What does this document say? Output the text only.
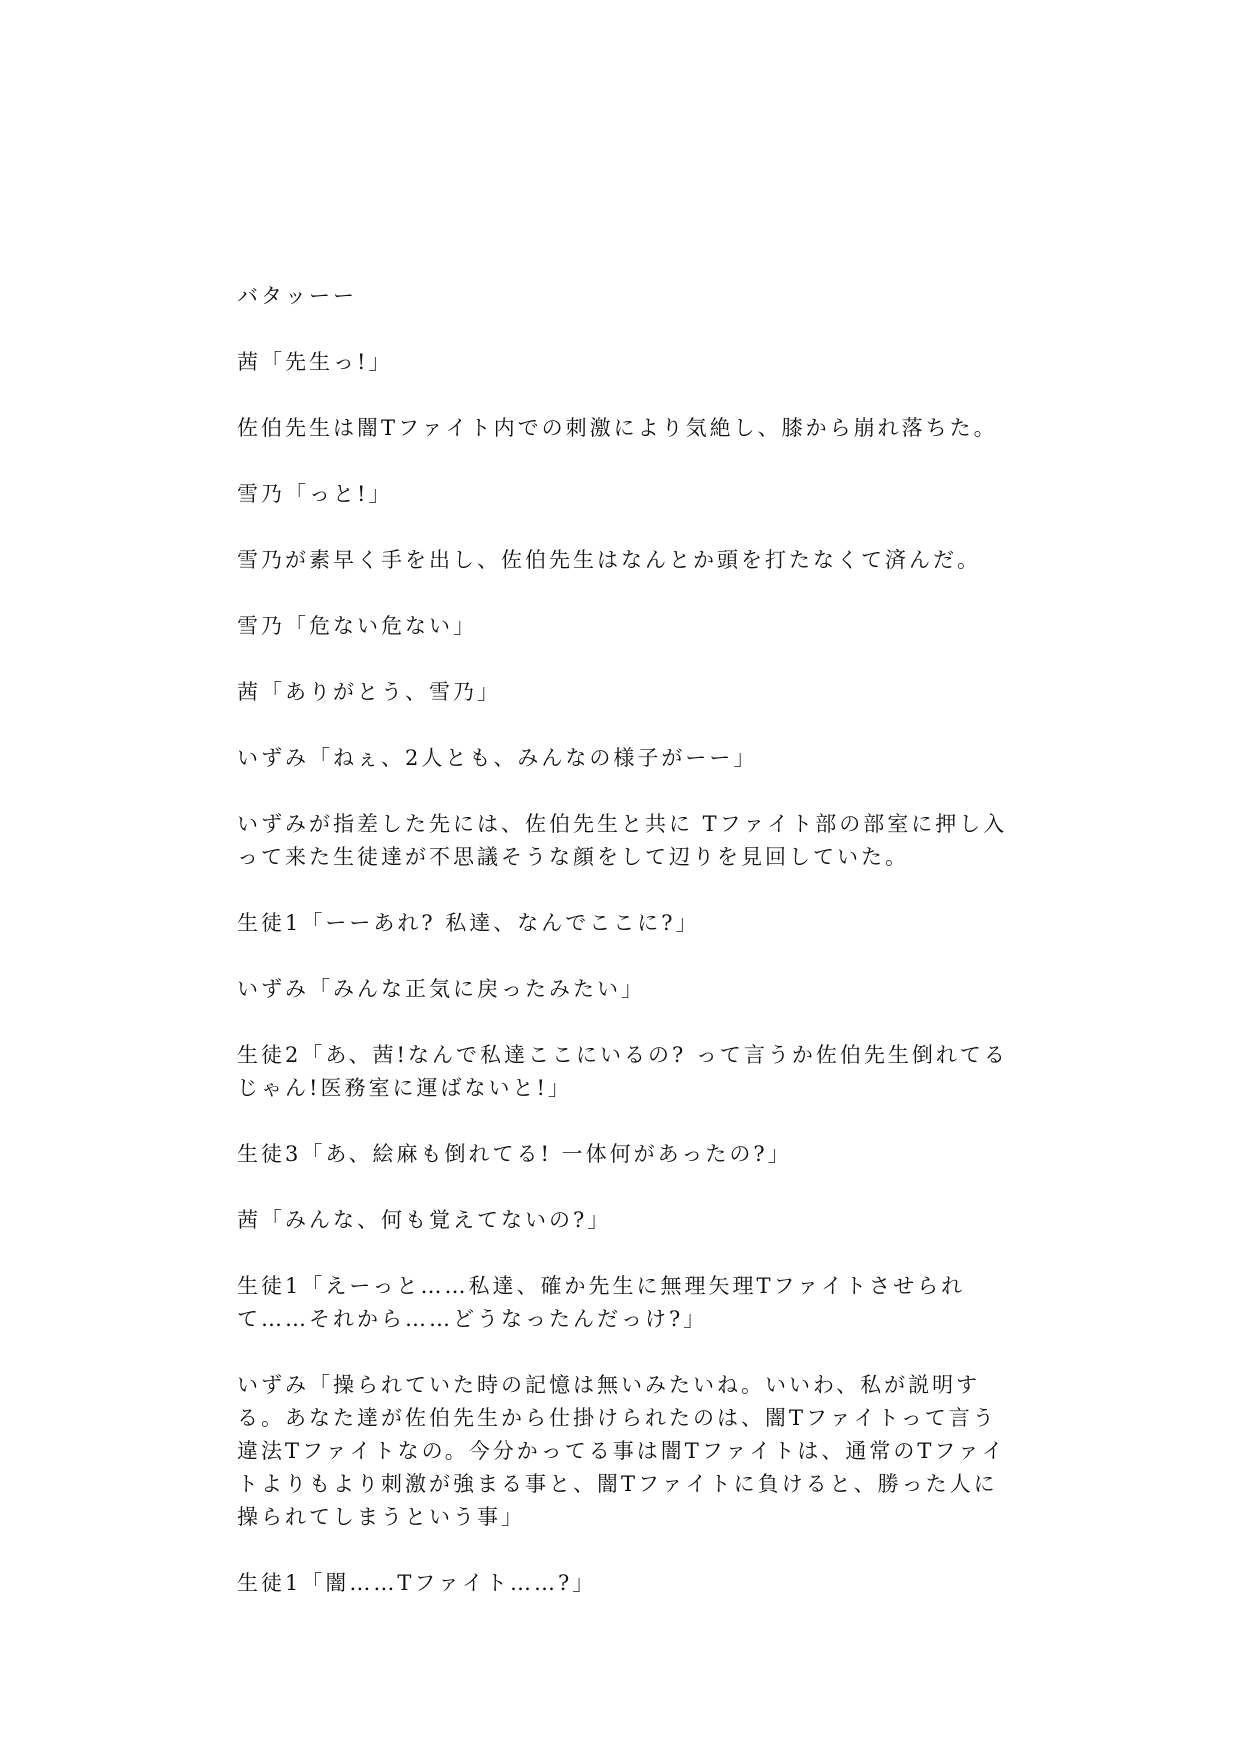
バタッーー

茜「先生っ!」

佐伯先生は闇Tファイト内での刺激により気絶し、膝から崩れ落ちた。

雪乃「っと!」

雪乃が素早く手を出し、佐伯先生はなんとか頭を打たなくて済んだ。

雪乃「危ない危ない」

茜「ありがとう、雪乃」

いずみ「ねぇ、2人とも、みんなの様子がーー」

いずみが指差した先には、佐伯先生と共に Tファイト部の部室に押し入って来た生徒達が不思議そうな顔をして辺りを見回していた。

生徒1「ーーあれ? 私達、なんでここに?」

いずみ「みんな正気に戻ったみたい」

生徒2「あ、茜!なんで私達ここにいるの? って言うか佐伯先生倒れてるじゃん!医務室に運ばないと!」

生徒3「あ、絵麻も倒れてる! 一体何があったの?」

茜「みんな、何も覚えてないの?」

生徒1「えーっと……私達、確か先生に無理矢理Tファイトさせられて……それから……どうなったんだっけ?」

いずみ「操られていた時の記憶は無いみたいね。いいわ、私が説明する。あなた達が佐伯先生から仕掛けられたのは、闇Tファイトって言う違法Tファイトなの。今分かってる事は闇Tファイトは、通常のTファイトよりもより刺激が強まる事と、闇Tファイトに負けると、勝った人に操られてしまうという事」

生徒1「闇……Tファイト……?」
